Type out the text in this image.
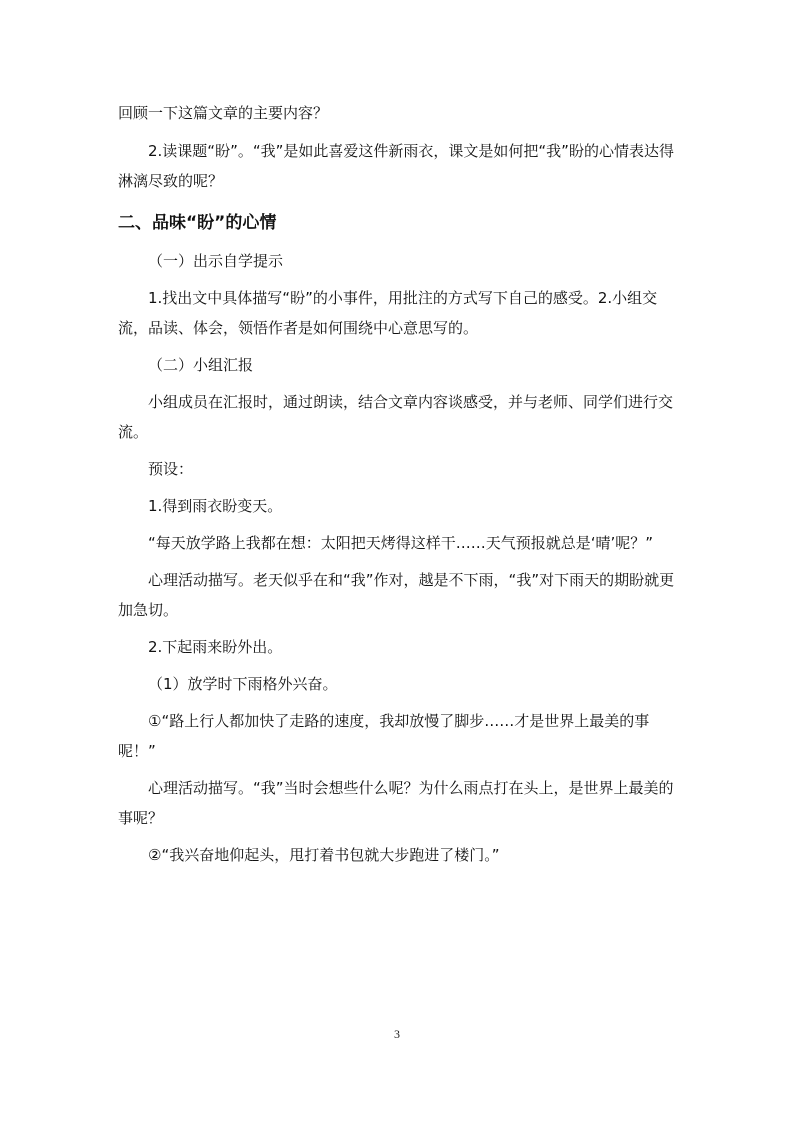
回顾一下这篇文章的主要内容？

2.读课题“盼”。“我”是如此喜爱这件新雨衣，课文是如何把“我”盼的心情表达得淋漓尽致的呢？

二、品味“盼”的心情

（一）出示自学提示

1.找出文中具体描写“盼”的小事件，用批注的方式写下自己的感受。2.小组交流，品读、体会，领悟作者是如何围绕中心意思写的。

（二）小组汇报

小组成员在汇报时，通过朗读，结合文章内容谈感受，并与老师、同学们进行交流。

预设：

1.得到雨衣盼变天。

“每天放学路上我都在想：太阳把天烤得这样干……天气预报就总是‘晴’呢？”

心理活动描写。老天似乎在和“我”作对，越是不下雨，“我”对下雨天的期盼就更加急切。

2.下起雨来盼外出。

（1）放学时下雨格外兴奋。

①“路上行人都加快了走路的速度，我却放慢了脚步……才是世界上最美的事呢！”

心理活动描写。“我”当时会想些什么呢？为什么雨点打在头上，是世界上最美的事呢？

②“我兴奋地仰起头，甩打着书包就大步跑进了楼门。”

3
